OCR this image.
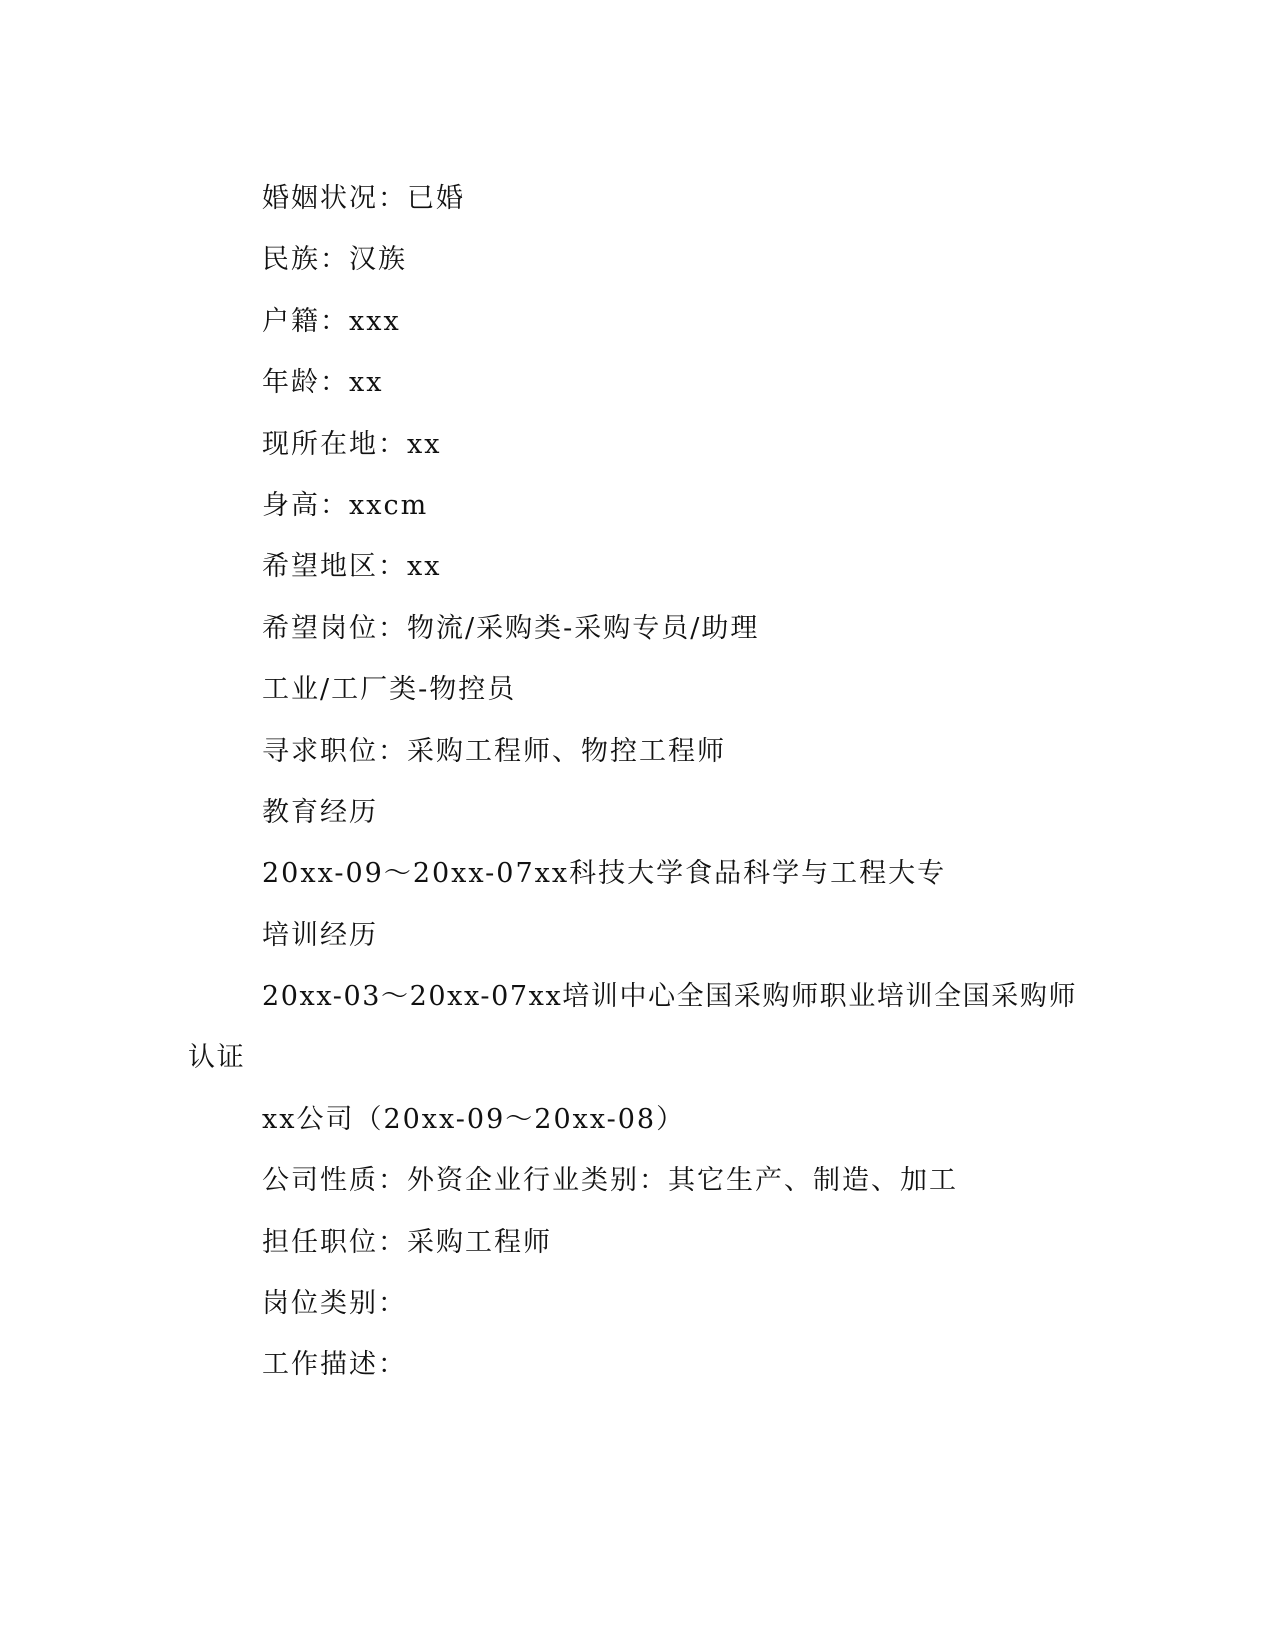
婚姻状况：已婚
民族：汉族
户籍：xxx
年龄：xx
现所在地：xx
身高：xxcm
希望地区：xx
希望岗位：物流/采购类-采购专员/助理
工业/工厂类-物控员
寻求职位：采购工程师、物控工程师
教育经历
20xx-09～20xx-07xx科技大学食品科学与工程大专
培训经历
20xx-03～20xx-07xx培训中心全国采购师职业培训全国采购师认证
xx公司（20xx-09～20xx-08）
公司性质：外资企业行业类别：其它生产、制造、加工
担任职位：采购工程师
岗位类别：
工作描述：
